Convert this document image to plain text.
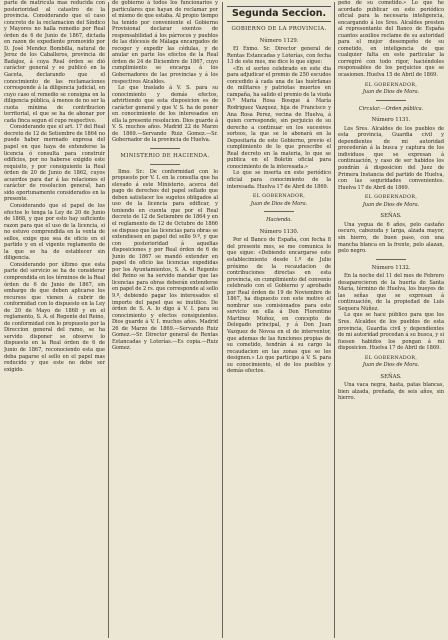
parte de matrícula mas reducida con posterioridad al catastro de la provincia. Considerando que el caso concreto de la reclamacion del Síndico y Mayores no halla remedio por Real órden de 6 de Junio de 1867, dictada en razon de expediente promovido por D. José Mendez Bombilla, natural de Jerez de los Caballeros, provincia de Badajoz, á cuya Real órden se dió carácter general y se publicó en la Gaceta, declarando que el conocimiento de las reclamaciones corresponde á la diligencia judicial, en cuyo caso el remedio se consigna en la diligencia pública, á menos de no ser la cuota mínima de contribucion territorial, el que se ha de abonar por cada finca segun el cupo respectivo.

Considerando que el art. 17 del Real decreto de 12 de Setiembre de 1864 no puede haber mermado expresa del papel en que haya de extenderse la licencia ó consulta para construir edificios, por no haberse exigido este requisito, y por consiguiente la Real órden de 20 de Junio de 1862, cuyos acuerdos para dar á las relaciones el carácter de resolucion general, han sido oportunamente considerados en la presente.

Considerando que el papel de los efectos lo tenga la Ley de 20 de Junio de 1868, y que por esto hay suficiente razon para que el uso de la licencia, si no estuvo comprendida en la venta de sellos, exige que sea de oficio en el partido y en el vigente reglamento de la que se ha de establecer sin diligencia.

Considerando por último que esta parte del servicio se ha de considerar comprendida en los términos de la Real órden de 6 de Junio de 1867, sin embargo de que deben aplicarse los recursos que vienen á cubrir de conformidad con lo dispuesto en la Ley de 20 de Mayo de 1868 y en el reglamento, S. A. el Regente del Reino, de conformidad con lo propuesto por la Direccion general del ramo, se ha servido disponer se observe lo dispuesto en la Real órden de 6 de Junio de 1867, reconociendo esta que deba pagarse el sello en el papel mas reducido y que este no debe ser exigido.

de gobierno á todos los funcionarios y particulares que hayan de reclamar por el mismo de que estaba. Al propio tiempo ha tenido por conveniente el Gobierno Provisional declarar exentos de responsabilidad á los párrocos y pueblos de las diócesis de Málaga encargados de recoger y expedir las cédulas, y de anular en parte los efectos de la Real órden de 24 de Diciembre de 1867, cuyo cumplimiento se encarga á los Gobernadores de las provincias y á los respectivos Alcaldes.

Lo que traslado á V. S. para su conocimiento y demás efectos, advirtiendo que esta disposicion es de carácter general y que V. S. ha de poner en conocimiento de los interesados en ella la presente resolucion. Dios guarde á V. S. muchos años. Madrid 22 de Marzo de 1869.—Servando Ruiz Gomez.—Sr. Gobernador de la provincia de Huelva.

MINISTERIO DE HACIENDA.

Ilmo. Sr.: De conformidad con lo propuesto por V. I. en la consulta que ha elevado á este Ministerio, acerca del pago de derechos del papel sellado que deben satisfacer los sugetos obligados al uso de la licencia para edificar, y teniendo en cuenta que por el Real decreto de 12 de Setiembre de 1864 y en el reglamento de 12 de Octubre de 1866 se dispuso que las licencias para obras se extendiesen en papel del sello 9.º, y que con posterioridad á aquellas disposiciones y por Real órden de 6 de Junio de 1867 se mandó extender en papel de oficio las licencias expedidas por los Ayuntamientos, S. A. el Regente del Reino se ha servido mandar que las licencias para obras deberán extenderse en papel de 2 rs. que corresponde al sello 9.º, debiendo pagar los interesados el importe del papel que se inutilice. De órden de S. A. lo digo á V. I. para su conocimiento y efectos consiguientes. Dios guarde á V. I. muchos años. Madrid 26 de Marzo de 1869.—Servando Ruiz Gomez.—Sr. Director general de Rentas Estancadas y Loterías.—Es copia.—Ruiz Gomez.

Segunda Seccion.

GOBIERNO DE LA PROVINCIA.

Número 1129.

El Exmo. Sr. Director general de Rentas Estancadas y Loterías, con fecha 13 de este mes, me dice lo que sigue:

«En el sorteo celebrado en este dia para adjudicar el premio de 250 escudos concedido á cada una de las huérfanas de militares y patriotas muertos en campaña, ha salido el premio de la viuda D.ª María Rosa Bosque á María Rodriguez Vazquez, hija de Francisco y Ana Rosa Perez, vecina de Huelva, á quien corresponde, sin perjuicio de su derecho a continuar en los sucesivos sorteos, la que se le abonará en la Depositaría de este Gobierno, previo el cumplimiento de lo que prescribe el Real decreto en la materia, lo que se publica en el Boletín oficial para conocimiento de la interesada.»

Lo que se inserta en este periódico oficial para conocimiento de la interesada. Huelva 17 de Abril de 1869.

EL GOBERNADOR,

Juan de Dios de Mora.

Hacienda.

Número 1130.

Por el Banco de España, con fecha 8 del presente mes, se me comunica lo que sigue: «Debiendo encargarse este establecimiento desde 1.º de Julio próximo de la recaudacion de contribuciones directas en esta provincia, en cumplimiento del convenio celebrado con el Gobierno y aprobado por Real órden de 19 de Noviembre de 1867, ha dispuesto con este motivo el nombrar sus comisionados para este servicio en ella á Don Florentino Martinez Muñoz, en concepto de Delegado principal, y á Don Juan Vazquez de Novoa en el de interventor, que ademas de las funciones propias de su cometido, tendrán á su cargo la recaudacion en las zonas que se les designen.» Lo que participo á V. S. para su conocimiento, el de los pueblos y demás efectos.

peño de su cometido.» Lo que he acordado publicar en este periódico oficial para la necesaria inteligencia, encargando á los Sres. Alcaldes presten al representante del Banco de España cuantos auxilios reclame de su autoridad para el mejor desempeño de su cometido, en inteligencia de que cualquier falta en este particular la corregiré con todo rigor, haciéndoles responsables de los perjuicios que se ocasionen. Huelva 15 de Abril de 1869.

EL GOBERNADOR,

Juan de Dios de Mora.

Circular.—Orden pública.

Número 1131.

Los Sres. Alcaldes de los pueblos de esta provincia, Guardia civil y dependientes de mi autoridad procederán á la busca y captura de los individuos que se expresan á continuación, y caso de ser habidos los pondrán á disposicion del Juez de Primera Instancia del partido de Huelva, con las seguridades convenientes. Huelva 17 de Abril de 1869.

EL GOBERNADOR,

Juan de Dios de Mora.

SEÑAS.

Una yegua de 6 años, pelo castaño oscuro, cabezuda y larga, alzada mayor, sin hierro, de buen paso, con una mancha blanca en la frente, pelo alazan, pelo negro.

Número 1132.

En la noche del 11 del mes de Febrero desaparecieron de la huerta de Santa María, término de Huelva, los bueyes de las señas que se expresan á continuación, de la propiedad de Luis Sequera Núñez.

Lo que se hace público para que los Sres. Alcaldes de los pueblos de esta provincia, Guardia civil y dependientes de mi autoridad procedan á su busca, y si fuesen habidos los pongan á mi disposicion. Huelva 17 de Abril de 1869.

EL GOBERNADOR,

Juan de Dios de Mora.

SEÑAS.

Una vaca negra, hasta, patas blancas, bien alzada, preñada, de seis años, sin hierro.
